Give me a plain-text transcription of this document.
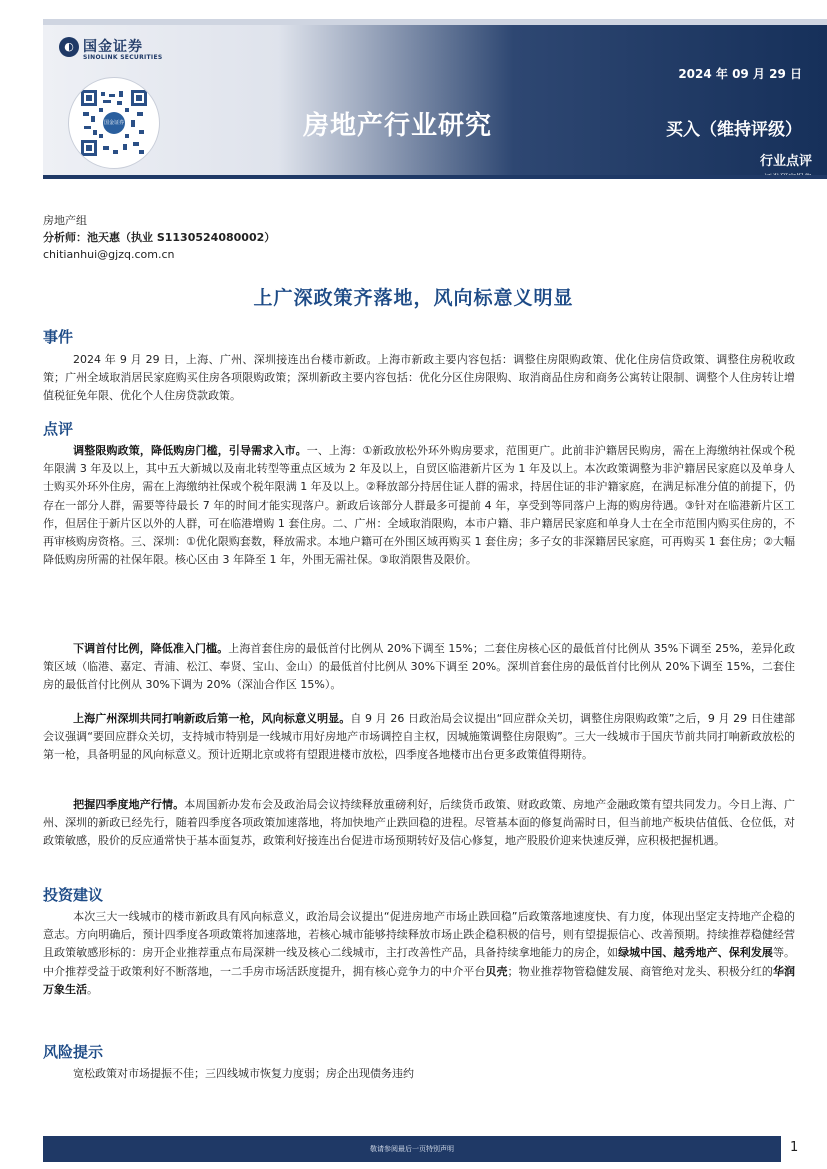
◐ 国金证券
SINOLINK SECURITIES
国金证券	房地产行业研究
2024 年 09 月 29 日
买入（维持评级）
行业点评
房地产组
分析师：池天惠（执业 S1130524080002）
chitianhui@gjzq.com.cn
上广深政策齐落地，风向标意义明显
事件
2024 年 9 月 29 日，上海、广州、深圳接连出台楼市新政。上海市新政主要内容包括：调整住房限购政策、优化住房信贷政策、调整住房税收政策；广州全域取消居民家庭购买住房各项限购政策；深圳新政主要内容包括：优化分区住房限购、取消商品住房和商务公寓转让限制、调整个人住房转让增值税征免年限、优化个人住房贷款政策。
点评
调整限购政策，降低购房门槛，引导需求入市。一、上海：①新政放松外环外购房要求，范围更广。此前非沪籍居民购房，需在上海缴纳社保或个税年限满 3 年及以上，其中五大新城以及南北转型等重点区域为 2 年及以上，自贸区临港新片区为 1 年及以上。本次政策调整为非沪籍居民家庭以及单身人士购买外环外住房，需在上海缴纳社保或个税年限满 1 年及以上。②释放部分持居住证人群的需求，持居住证的非沪籍家庭，在满足标准分值的前提下，仍存在一部分人群，需要等待最长 7 年的时间才能实现落户。新政后该部分人群最多可提前 4 年，享受到等同落户上海的购房待遇。③针对在临港新片区工作，但居住于新片区以外的人群，可在临港增购 1 套住房。二、广州：全域取消限购，本市户籍、非户籍居民家庭和单身人士在全市范围内购买住房的，不再审核购房资格。三、深圳：①优化限购套数，释放需求。本地户籍可在外围区域再购买 1 套住房；多子女的非深籍居民家庭，可再购买 1 套住房；②大幅降低购房所需的社保年限。核心区由 3 年降至 1 年，外围无需社保。③取消限售及限价。
下调首付比例，降低准入门槛。上海首套住房的最低首付比例从 20%下调至 15%；二套住房核心区的最低首付比例从 35%下调至 25%，差异化政策区域（临港、嘉定、青浦、松江、奉贤、宝山、金山）的最低首付比例从 30%下调至 20%。深圳首套住房的最低首付比例从 20%下调至 15%，二套住房的最低首付比例从 30%下调为 20%（深汕合作区 15%）。
上海广州深圳共同打响新政后第一枪，风向标意义明显。自 9 月 26 日政治局会议提出“回应群众关切，调整住房限购政策”之后，9 月 29 日住建部会议强调“要回应群众关切，支持城市特别是一线城市用好房地产市场调控自主权，因城施策调整住房限购”。三大一线城市于国庆节前共同打响新政放松的第一枪，具备明显的风向标意义。预计近期北京或将有望跟进楼市放松，四季度各地楼市出台更多政策值得期待。
把握四季度地产行情。本周国新办发布会及政治局会议持续释放重磅利好，后续货币政策、财政政策、房地产金融政策有望共同发力。今日上海、广州、深圳的新政已经先行，随着四季度各项政策加速落地，将加快地产止跌回稳的进程。尽管基本面的修复尚需时日，但当前地产板块估值低、仓位低，对政策敏感，股价的反应通常快于基本面复苏，政策利好接连出台促进市场预期转好及信心修复，地产股股价迎来快速反弹，应积极把握机遇。
投资建议
本次三大一线城市的楼市新政具有风向标意义，政治局会议提出“促进房地产市场止跌回稳”后政策落地速度快、有力度，体现出坚定支持地产企稳的意志。方向明确后，预计四季度各项政策将加速落地，若核心城市能够持续释放市场止跌企稳积极的信号，则有望提振信心、改善预期。持续推荐稳健经营且政策敏感形标的：房开企业推荐重点布局深耕一线及核心二线城市，主打改善性产品，具备持续拿地能力的房企，如绿城中国、越秀地产、保利发展等。中介推荐受益于政策利好不断落地，一二手房市场活跃度提升，拥有核心竞争力的中介平台贝壳；物业推荐物管稳健发展、商管绝对龙头、积极分红的华润万象生活。
风险提示
宽松政策对市场提振不佳；三四线城市恢复力度弱；房企出现债务违约
敬请参阅最后一页特别声明	1
